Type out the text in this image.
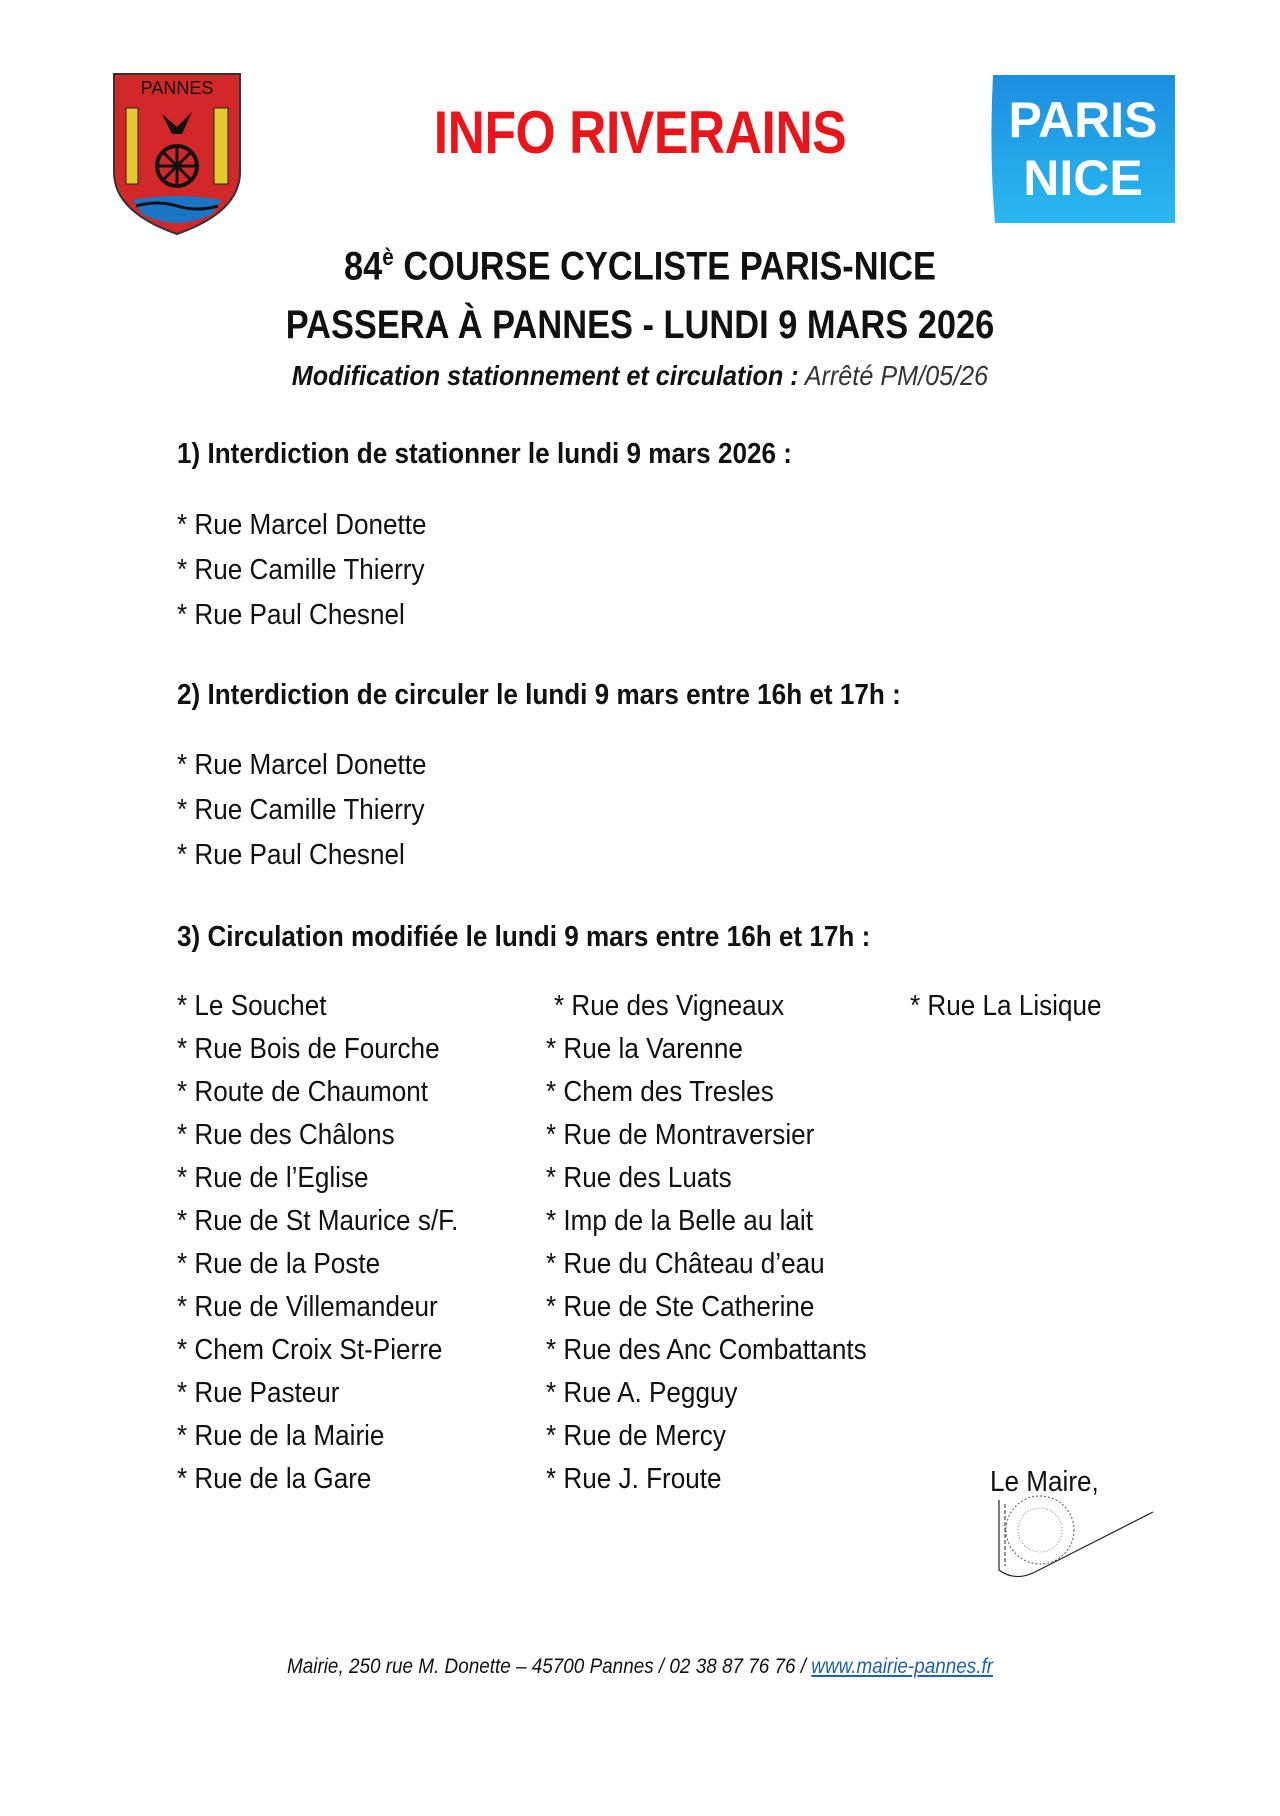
PANNES
INFO RIVERAINS	PARIS
NICE
$84^è$ COURSE CYCLISTE PARIS-NICE
PASSERA À PANNES - LUNDI 9 MARS 2026
Modification stationnement et circulation : Arrêté PM/05/26
1) Interdiction de stationner le lundi 9 mars 2026 :
* Rue Marcel Donette
* Rue Camille Thierry
* Rue Paul Chesnel
2) Interdiction de circuler le lundi 9 mars entre 16h et 17h :
* Rue Marcel Donette
* Rue Camille Thierry
* Rue Paul Chesnel
3) Circulation modifiée le lundi 9 mars entre 16h et 17h :
* Le Souchet
* Rue Bois de Fourche
* Route de Chaumont
* Rue des Châlons
* Rue de l’Eglise
* Rue de St Maurice s/F.
* Rue de la Poste
* Rue de Villemandeur
* Chem Croix St-Pierre
* Rue Pasteur
* Rue de la Mairie
* Rue de la Gare
* Rue des Vigneaux
* Rue la Varenne
* Chem des Tresles
* Rue de Montraversier
* Rue des Luats
* Imp de la Belle au lait
* Rue du Château d’eau
* Rue de Ste Catherine
* Rue des Anc Combattants
* Rue A. Pegguy
* Rue de Mercy
* Rue J. Froute
* Rue La Lisique
Le Maire,
Mairie, 250 rue M. Donette – 45700 Pannes / 02 38 87 76 76 / www.mairie-pannes.fr
